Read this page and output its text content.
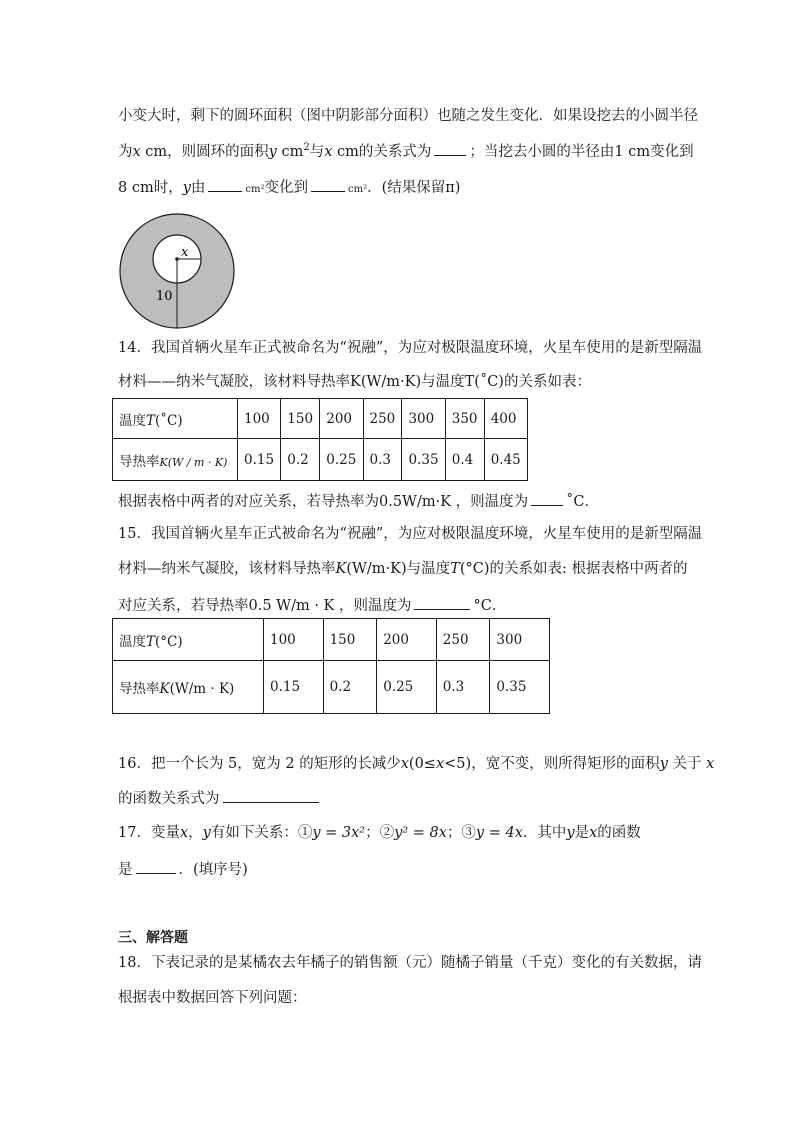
小变大时，剩下的圆环面积（图中阴影部分面积）也随之发生变化．如果设挖去的小圆半径
为x cm，则圆环的面积y $cm^2$与x cm的关系式为	；当挖去小圆的半径由1 cm变化到
8 cm时，y由	cm²变化到	cm²．(结果保留π)
x
10
14．我国首辆火星车正式被命名为“祝融”，为应对极限温度环境，火星车使用的是新型隔温
材料——纳米气凝胶，该材料导热率K(W/m·K)与温度T(˚C)的关系如表：
温度T(˚C)	100	150	200	250	300	350	400
导热率K(W / m · K)	0.15	0.2	0.25	0.3	0.35	0.4	0.45
根据表格中两者的对应关系，若导热率为0.5W/m·K ，则温度为	˚C．
15．我国首辆火星车正式被命名为“祝融”，为应对极限温度环境，火星车使用的是新型隔温
材料—纳米气凝胶，该材料导热率K(W/m·K)与温度T(°C)的关系如表: 根据表格中两者的
对应关系，若导热率0.5 W/m · K ，则温度为	°C．
温度T(°C)	100	150	200	250	300
导热率K(W/m · K)	0.15	0.2	0.25	0.3	0.35
16．把一个长为 5，宽为 2 的矩形的长减少x(0≤x<5)，宽不变，则所得矩形的面积y 关于 x
的函数关系式为
17．变量x，y有如下关系：①y = 3x²；②y² = 8x；③y = 4x．其中y是x的函数
是	．(填序号)
三、解答题
18．下表记录的是某橘农去年橘子的销售额（元）随橘子销量（千克）变化的有关数据，请
根据表中数据回答下列问题：
